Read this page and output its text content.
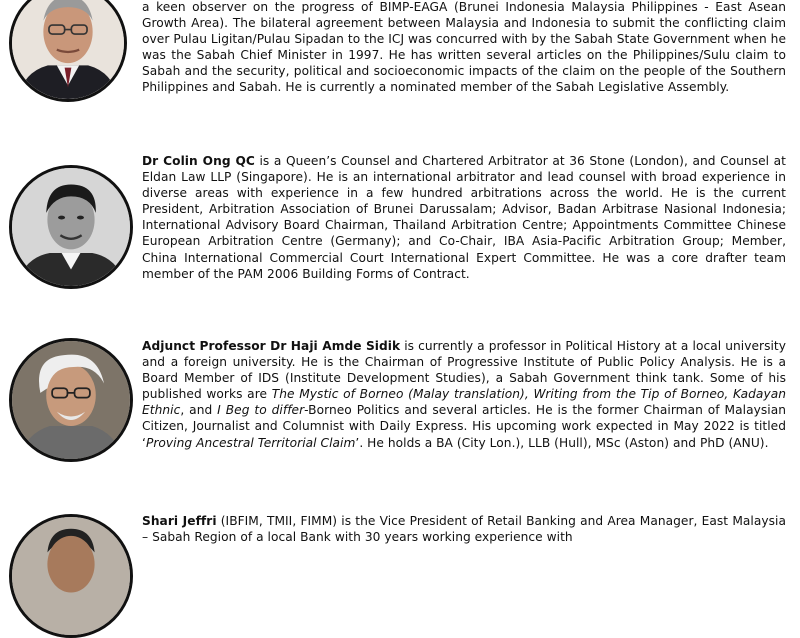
a keen observer on the progress of BIMP-EAGA (Brunei Indonesia Malaysia Philippines - East Asean Growth Area). The bilateral agreement between Malaysia and Indonesia to submit the conflicting claim over Pulau Ligitan/Pulau Sipadan to the ICJ was concurred with by the Sabah State Government when he was the Sabah Chief Minister in 1997. He has written several articles on the Philippines/Sulu claim to Sabah and the security, political and socioeconomic impacts of the claim on the people of the Southern Philippines and Sabah. He is currently a nominated member of the Sabah Legislative Assembly.
Dr Colin Ong QC is a Queen’s Counsel and Chartered Arbitrator at 36 Stone (London), and Counsel at Eldan Law LLP (Singapore). He is an international arbitrator and lead counsel with broad experience in diverse areas with experience in a few hundred arbitrations across the world. He is the current President, Arbitration Association of Brunei Darussalam; Advisor, Badan Arbitrase Nasional Indonesia; International Advisory Board Chairman, Thailand Arbitration Centre; Appointments Committee Chinese European Arbitration Centre (Germany); and Co-Chair, IBA Asia-Pacific Arbitration Group; Member, China International Commercial Court International Expert Committee. He was a core drafter team member of the PAM 2006 Building Forms of Contract.
Adjunct Professor Dr Haji Amde Sidik is currently a professor in Political History at a local university and a foreign university. He is the Chairman of Progressive Institute of Public Policy Analysis. He is a Board Member of IDS (Institute Development Studies), a Sabah Government think tank. Some of his published works are The Mystic of Borneo (Malay translation), Writing from the Tip of Borneo, Kadayan Ethnic, and I Beg to differ-Borneo Politics and several articles. He is the former Chairman of Malaysian Citizen, Journalist and Columnist with Daily Express. His upcoming work expected in May 2022 is titled ‘Proving Ancestral Territorial Claim’. He holds a BA (City Lon.), LLB (Hull), MSc (Aston) and PhD (ANU).
Shari Jeffri (IBFIM, TMII, FIMM) is the Vice President of Retail Banking and Area Manager, East Malaysia – Sabah Region of a local Bank with 30 years working experience with
